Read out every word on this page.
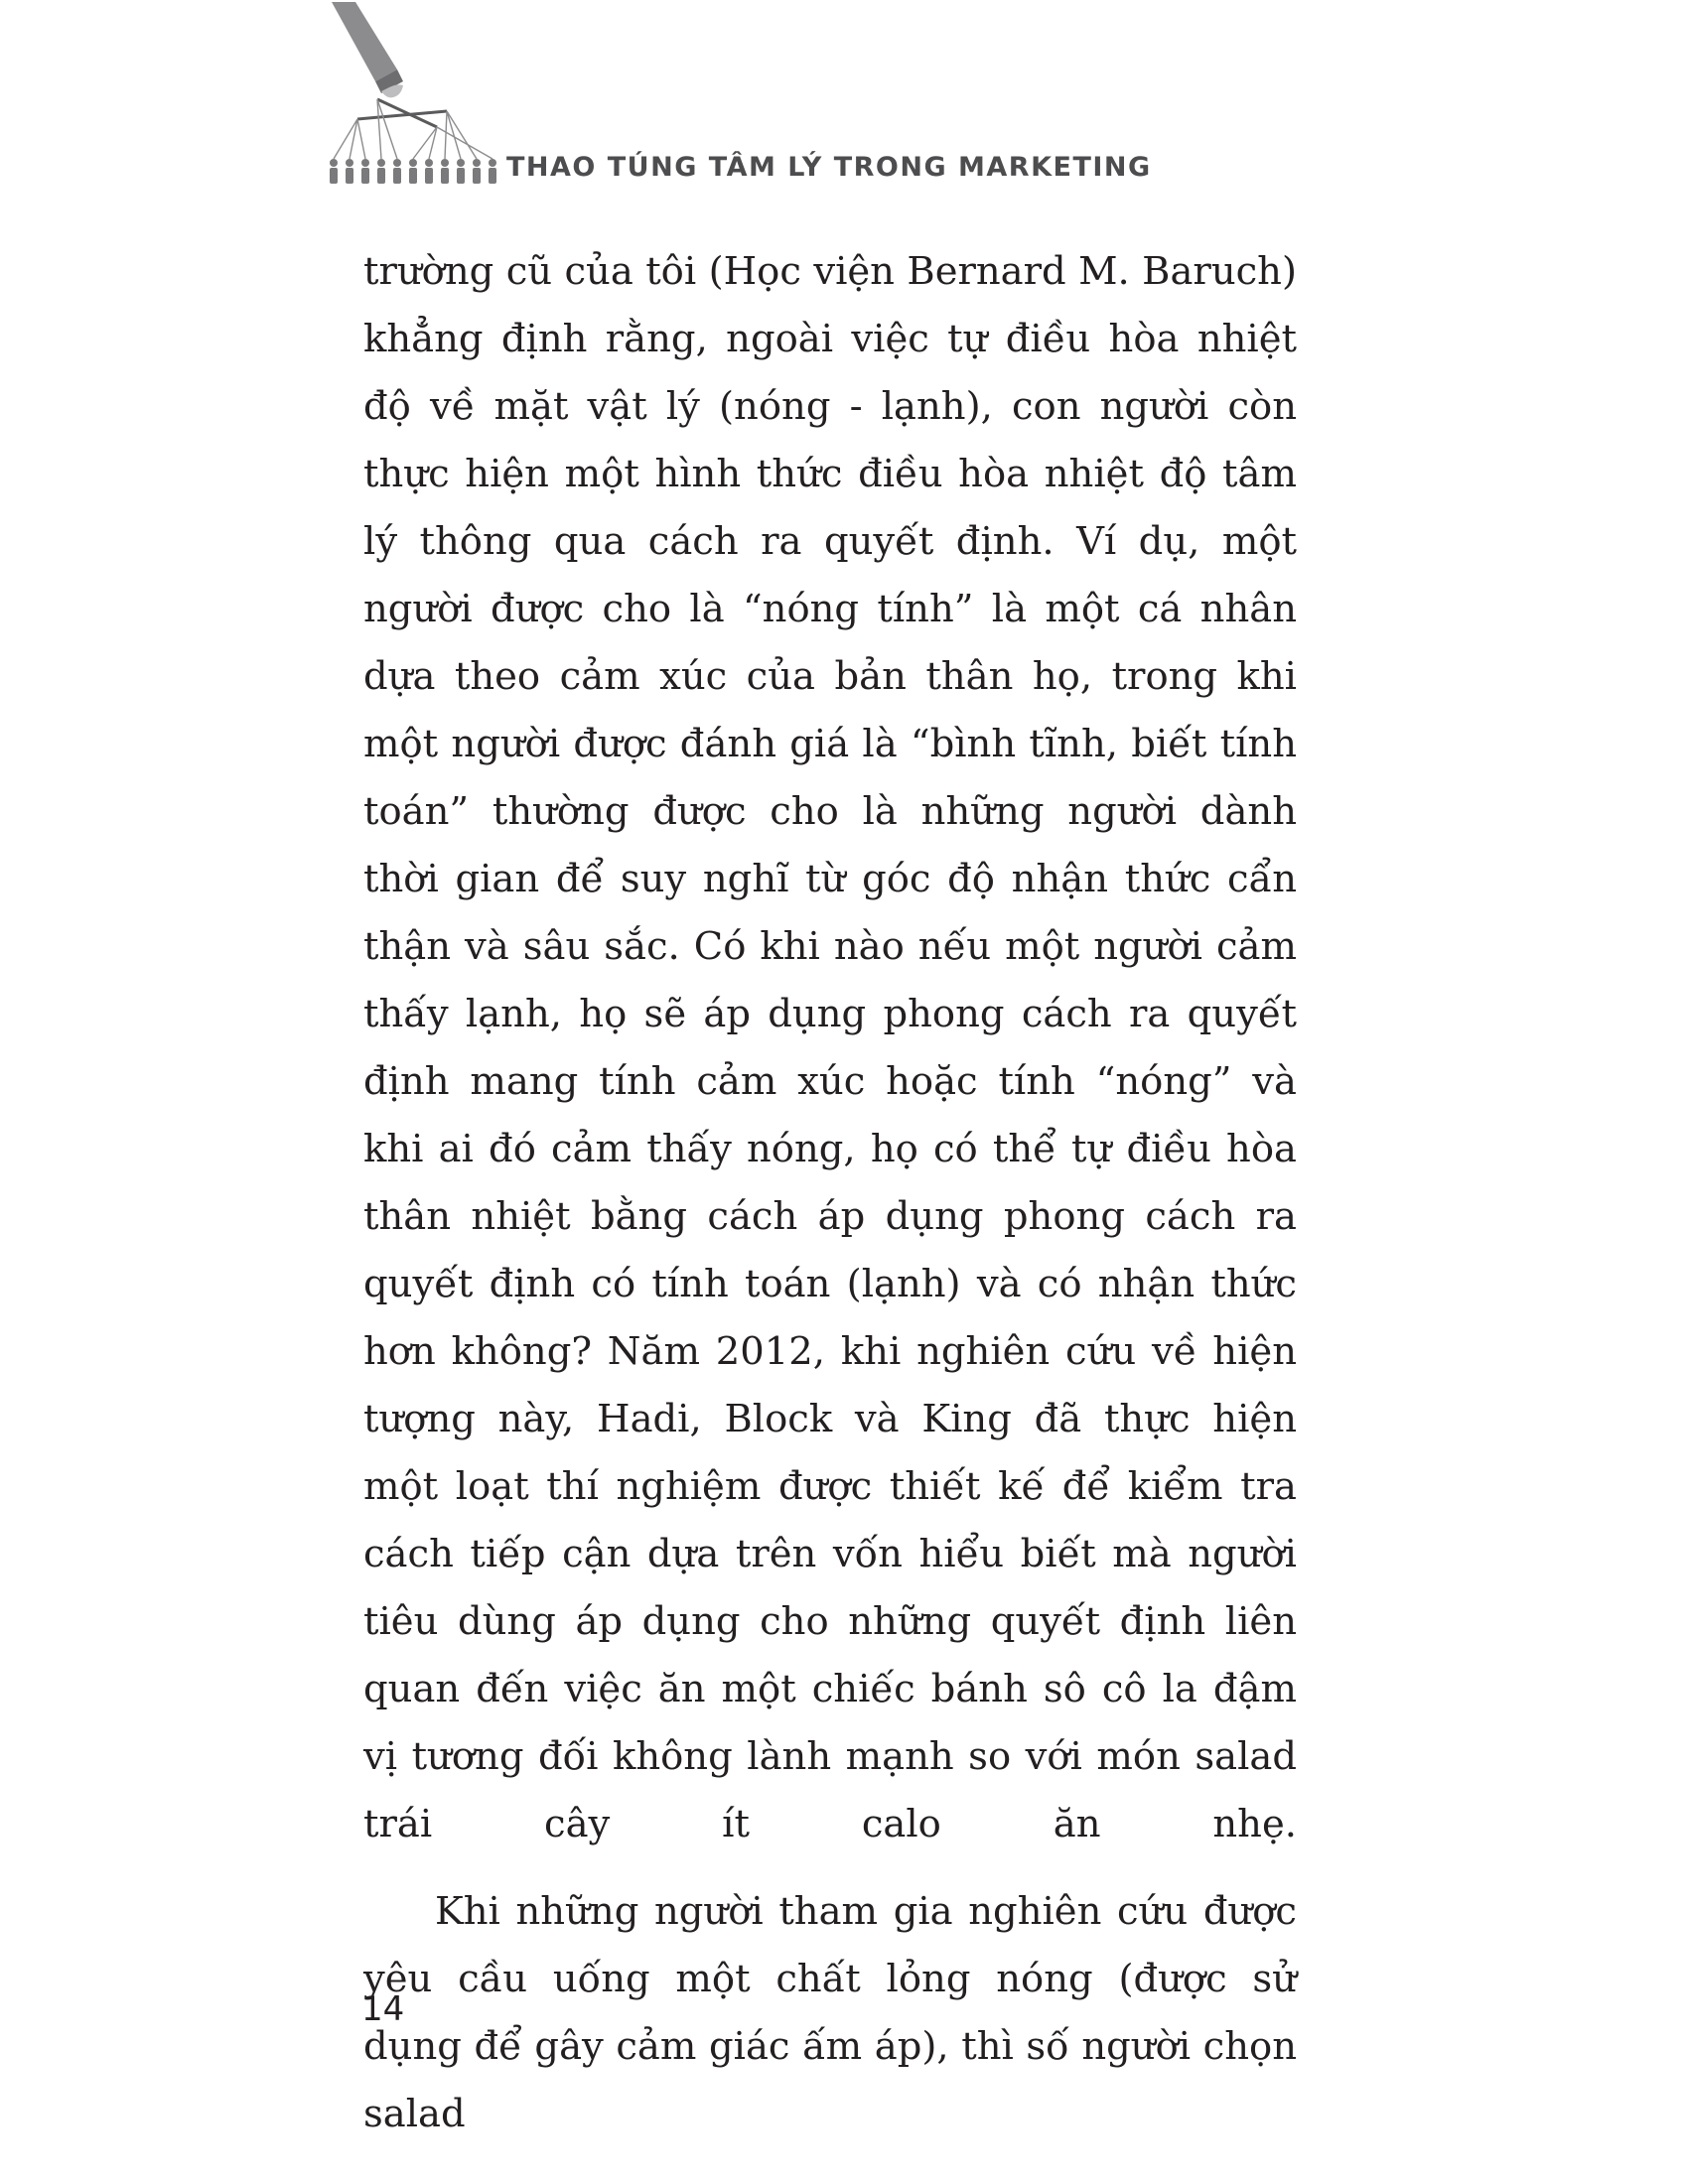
THAO TÚNG TÂM LÝ TRONG MARKETING

trường cũ của tôi (Học viện Bernard M. Baruch) khẳng định rằng, ngoài việc tự điều hòa nhiệt độ về mặt vật lý (nóng - lạnh), con người còn thực hiện một hình thức điều hòa nhiệt độ tâm lý thông qua cách ra quyết định. Ví dụ, một người được cho là “nóng tính” là một cá nhân dựa theo cảm xúc của bản thân họ, trong khi một người được đánh giá là “bình tĩnh, biết tính toán” thường được cho là những người dành thời gian để suy nghĩ từ góc độ nhận thức cẩn thận và sâu sắc. Có khi nào nếu một người cảm thấy lạnh, họ sẽ áp dụng phong cách ra quyết định mang tính cảm xúc hoặc tính “nóng” và khi ai đó cảm thấy nóng, họ có thể tự điều hòa thân nhiệt bằng cách áp dụng phong cách ra quyết định có tính toán (lạnh) và có nhận thức hơn không? Năm 2012, khi nghiên cứu về hiện tượng này, Hadi, Block và King đã thực hiện một loạt thí nghiệm được thiết kế để kiểm tra cách tiếp cận dựa trên vốn hiểu biết mà người tiêu dùng áp dụng cho những quyết định liên quan đến việc ăn một chiếc bánh sô cô la đậm vị tương đối không lành mạnh so với món salad trái cây ít calo ăn nhẹ.

Khi những người tham gia nghiên cứu được yêu cầu uống một chất lỏng nóng (được sử dụng để gây cảm giác ấm áp), thì số người chọn salad

14
